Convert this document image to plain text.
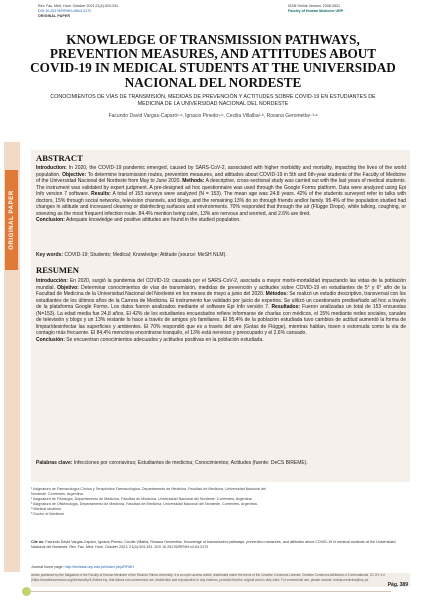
Rev. Fac. Med. Hum. October 2021;21(4):324-331.
DOI 10.25176/RFMH.v2lln4.3172
ORIGINAL PAPER
ISSN Online Version: 2308-0531
Faculty of Human Medicine URP
KNOWLEDGE OF TRANSMISSION PATHWAYS, PREVENTION MEASURES, AND ATTITUDES ABOUT COVID-19 IN MEDICAL STUDENTS AT THE UNIVERSIDAD NACIONAL DEL NORDESTE
CONOCIMIENTOS DE VÍAS DE TRANSMISIÓN, MEDIDAS DE PREVENCIÓN Y ACTITUDES SOBRE COVID-19 EN ESTUDIANTES DE MEDICINA DE LA UNIVERSIDAD NACIONAL DEL NORDESTE
Facundo David Vargas-Caparó¹·ᵃ, Ignacio Pinedo¹·ᵇ, Cecilia Villalba²·ᵇ, Rosana Gerometta¹·³·ᵃ
ORIGINAL PAPER
ABSTRACT
Introduction: In 2020, the COVID-19 pandemic emerged, caused by SARS-CoV-2, associated with higher morbidity and mortality, impacting the lives of the world population. Objective: To determine transmission routes, prevention measures, and attitudes about COVID-19 in 5th and 6th-year students of the Faculty of Medicine of the Universidad Nacional del Nordeste from May to June 2020. Methods: A descriptive, cross-sectional study was carried out with the last years of medical students. The instrument was validated by expert judgment. A pre-designed ad hoc questionnaire was used through the Google Forms platform. Data were analyzed using Epi Info version 7 software. Results: A total of 153 surveys were analyzed (N = 153). The mean age was 24.8 years. 42% of the students surveyed refer to talks with doctors, 15% through social networks, television channels, and blogs, and the remaining 13% do so through friends and/or family. 95.4% of the population studied had changes in attitude and increased cleaning or disinfecting surfaces and environments. 70% responded that through the air (Flügge Drops), while talking, coughing, or sneezing as the most frequent infection route. 84.4% mention being calm, 13% are nervous and worried, and 2.6% are tired.
Conclusion: Adequate knowledge and positive attitudes are found in the studied population.
Key words: COVID-19; Students; Medical; Knowledge; Attitude (source: MeSH NLM).
RESUMEN
Introducción: En 2020, surgió la pandemia del COVID-19; causada por el SARS-CoV-2, asociada a mayor morbi-mortalidad impactando las vidas de la población mundial. Objetivo: Determinar conocimientos de vías de transmisión, medidas de prevención y actitudes sobre COVID-19 en estudiantes de 5° y 6° año de la Facultad de Medicina de la Universidad Nacional del Nordeste en los meses de mayo a junio del 2020. Métodos: Se realizó un estudio descriptivo, transversal con los estudiantes de los últimos años de la Carrera de Medicina. El instrumento fue validado por juicio de expertos. Se utilizó un cuestionario prediseñado ad hoc a través de la plataforma Google Forms. Los datos fueron analizados mediante el software Epi Info versión 7. Resultados: Fueron analizadas un total de 153 encuestas (N=153). La edad media fue 24,8 años. El 42% de los estudiantes encuestados refiere informarse de charlas con médicos, el 15% mediante redes sociales, canales de televisión y blogs y un 13% restante lo hace a través de amigos y/o familiares. El 95,4% de la población estudiada tuvo cambios de actitud aumentó la forma de limpiar/desinfectar las superficies y ambientes. El 70% respondió que es a través del aire (Gotas de Flügge), mientras hablan, tosen o estornuda como la vía de contagio más frecuente. El 84,4% menciona encontrarse tranquilo, el 13% está nervioso y preocupado y el 2,6% cansado.
Conclusión: Se encuentran conocimientos adecuados y actitudes positivas en la población estudiada.
Palabras clave: Infecciones por coronavirus; Estudiantes de medicina; Conocimientos; Actitudes (fuente: DeCS BIREME).
¹ Asignatura de Farmacología Clínica y Terapéutica Farmacológica, Departamento de Medicina, Facultad de Medicina, Universidad Nacional del
Nordeste. Corrientes, Argentina.
² Asignatura de Fisiología, Departamento de Medicina, Facultad de Medicina, Universidad Nacional del Nordeste. Corrientes, Argentina.
³ Asignatura de Oftalmología, Departamento de Medicina, Facultad de Medicina, Universidad Nacional del Nordeste. Corrientes, Argentina.
ᵃ Medical students
ᵇ Doctor of Medicine
Cite as: Facundo David Vargas-Caparó, Ignacio Pinedo, Cecilia Villalba, Rosana Gerometta. Knowledge of transmission pathways, prevention measures, and attitudes about COVID-19 in medical students at the Universidad Nacional del Nordeste. Rev. Fac. Med. Hum. October 2021; 21(4):324-331. DOI 10.25176/RFMH.v21i4.3172
Journal home page: http://revistas.urp.edu.pe/index.php/RFMH
Article published by the Magazine of the Faculty of Human Medicine of the Ricardo Palma University. It is an open access article, distributed under the terms of the Creative Commons License: Creative Commons Attribution 4.0 International, CC BY 4.0 (https://creativecommons.org/licenses/by/4.0/deed.es), that allows non-commercial use, distribution and reproduction in any medium, provided that the original work is duly cited. For commercial use, please contact: revista.medicina@urp.pe
Pág. 389
